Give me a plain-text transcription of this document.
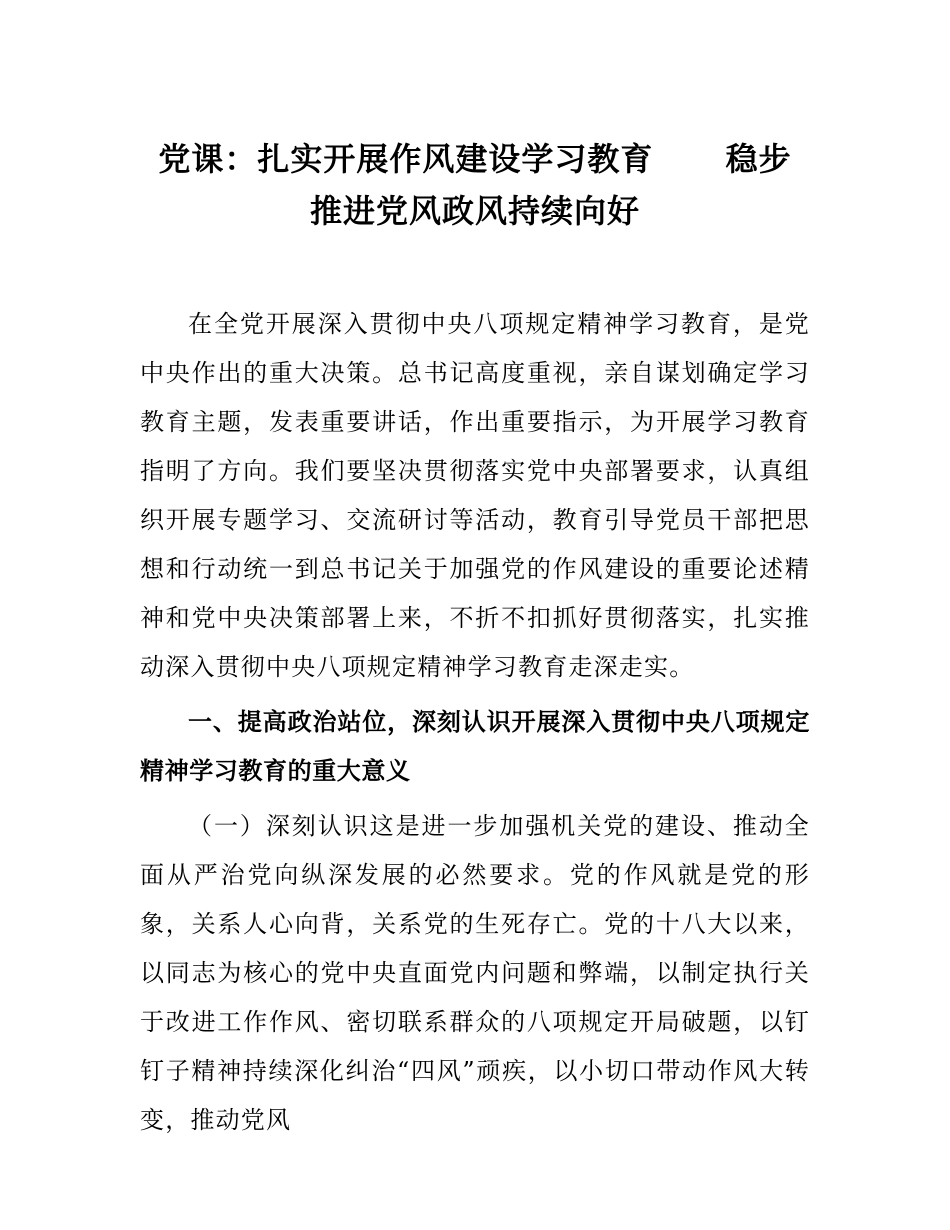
党课：扎实开展作风建设学习教育 稳步
推进党风政风持续向好

在全党开展深入贯彻中央八项规定精神学习教育，是党中央作出的重大决策。总书记高度重视，亲自谋划确定学习教育主题，发表重要讲话，作出重要指示，为开展学习教育指明了方向。我们要坚决贯彻落实党中央部署要求，认真组织开展专题学习、交流研讨等活动，教育引导党员干部把思想和行动统一到总书记关于加强党的作风建设的重要论述精神和党中央决策部署上来，不折不扣抓好贯彻落实，扎实推动深入贯彻中央八项规定精神学习教育走深走实。

一、提高政治站位，深刻认识开展深入贯彻中央八项规定精神学习教育的重大意义

（一）深刻认识这是进一步加强机关党的建设、推动全面从严治党向纵深发展的必然要求。党的作风就是党的形象，关系人心向背，关系党的生死存亡。党的十八大以来，以同志为核心的党中央直面党内问题和弊端，以制定执行关于改进工作作风、密切联系群众的八项规定开局破题，以钉钉子精神持续深化纠治“四风”顽疾，以小切口带动作风大转变，推动党风
